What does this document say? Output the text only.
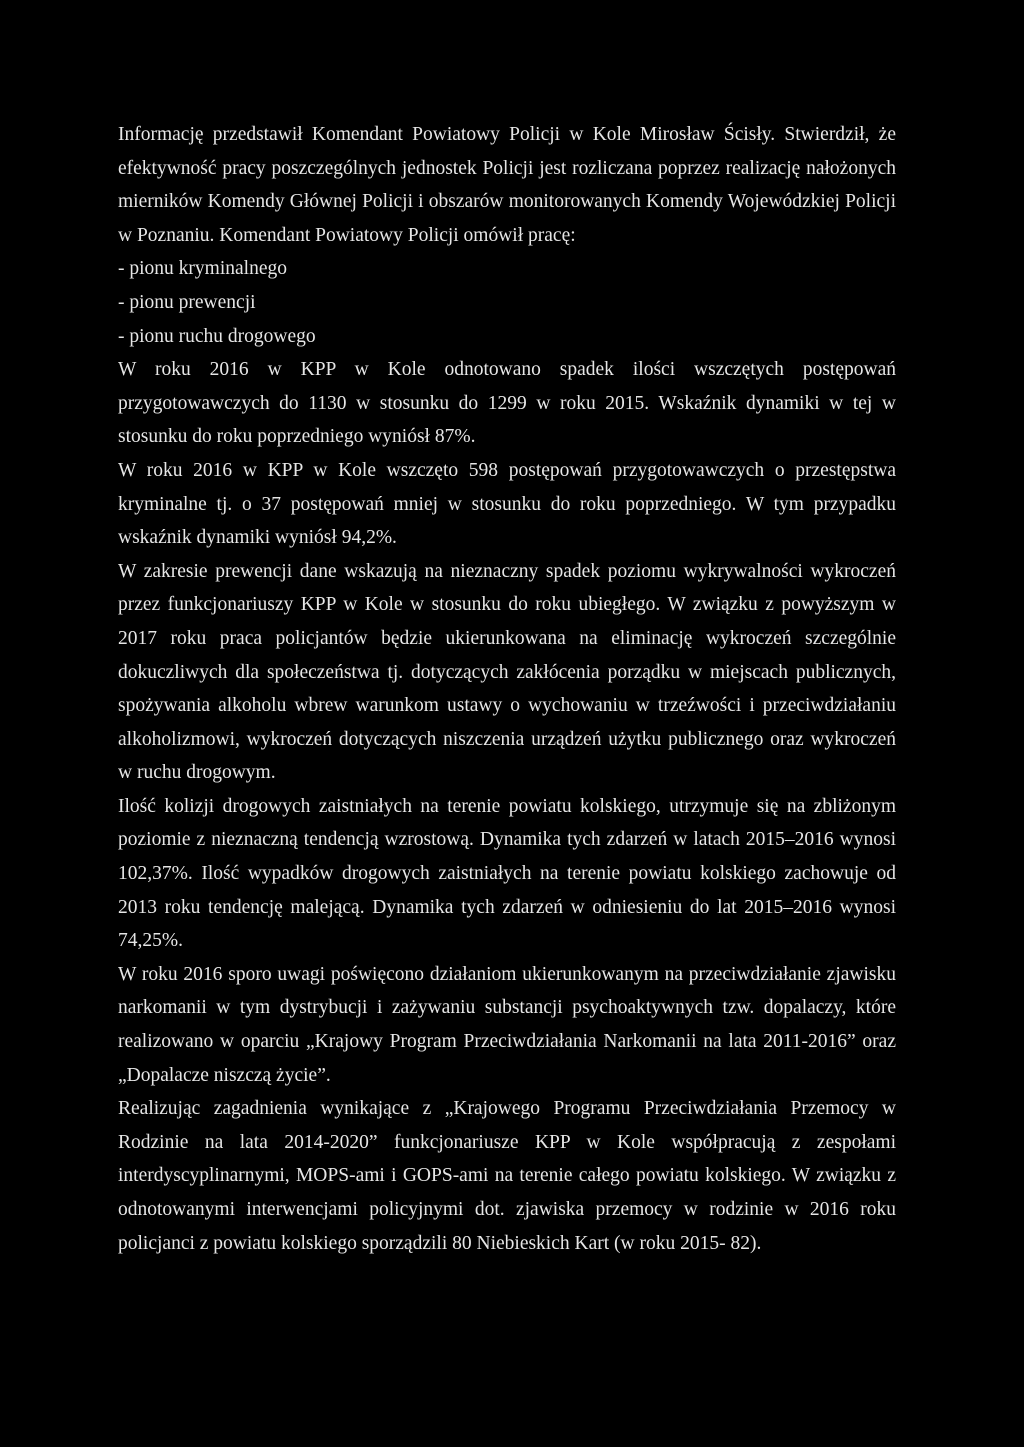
Informację przedstawił Komendant Powiatowy Policji w Kole Mirosław Ścisły. Stwierdził, że efektywność pracy poszczególnych jednostek Policji jest rozliczana poprzez realizację nałożonych mierników Komendy Głównej Policji i obszarów monitorowanych Komendy Wojewódzkiej Policji w Poznaniu. Komendant Powiatowy Policji omówił pracę:

- pionu kryminalnego

- pionu prewencji

- pionu ruchu drogowego

W roku 2016 w KPP w Kole odnotowano spadek ilości wszczętych postępowań przygotowawczych do 1130 w stosunku do 1299 w roku 2015. Wskaźnik dynamiki w tej w stosunku do roku poprzedniego wyniósł 87%.

W roku 2016 w KPP w Kole wszczęto 598 postępowań przygotowawczych o przestępstwa kryminalne tj. o 37 postępowań mniej w stosunku do roku poprzedniego. W tym przypadku wskaźnik dynamiki wyniósł 94,2%.

W zakresie prewencji dane wskazują na nieznaczny spadek poziomu wykrywalności wykroczeń przez funkcjonariuszy KPP w Kole w stosunku do roku ubiegłego. W związku z powyższym w 2017 roku praca policjantów będzie ukierunkowana na eliminację wykroczeń szczególnie dokuczliwych dla społeczeństwa tj. dotyczących zakłócenia porządku w miejscach publicznych, spożywania alkoholu wbrew warunkom ustawy o wychowaniu w trzeźwości i przeciwdziałaniu alkoholizmowi, wykroczeń dotyczących niszczenia urządzeń użytku publicznego oraz wykroczeń w ruchu drogowym.

Ilość kolizji drogowych zaistniałych na terenie powiatu kolskiego, utrzymuje się na zbliżonym poziomie z nieznaczną tendencją wzrostową. Dynamika tych zdarzeń w latach 2015–2016 wynosi 102,37%. Ilość wypadków drogowych zaistniałych na terenie powiatu kolskiego zachowuje od 2013 roku tendencję malejącą. Dynamika tych zdarzeń w odniesieniu do lat 2015–2016 wynosi 74,25%.

W roku 2016 sporo uwagi poświęcono działaniom ukierunkowanym na przeciwdziałanie zjawisku narkomanii w tym dystrybucji i zażywaniu substancji psychoaktywnych tzw. dopalaczy, które realizowano w oparciu „Krajowy Program Przeciwdziałania Narkomanii na lata 2011-2016” oraz „Dopalacze niszczą życie”.

Realizując zagadnienia wynikające z „Krajowego Programu Przeciwdziałania Przemocy w Rodzinie na lata 2014-2020” funkcjonariusze KPP w Kole współpracują z zespołami interdyscyplinarnymi, MOPS-ami i GOPS-ami na terenie całego powiatu kolskiego. W związku z odnotowanymi interwencjami policyjnymi dot. zjawiska przemocy w rodzinie w 2016 roku policjanci z powiatu kolskiego sporządzili 80 Niebieskich Kart (w roku 2015- 82).
